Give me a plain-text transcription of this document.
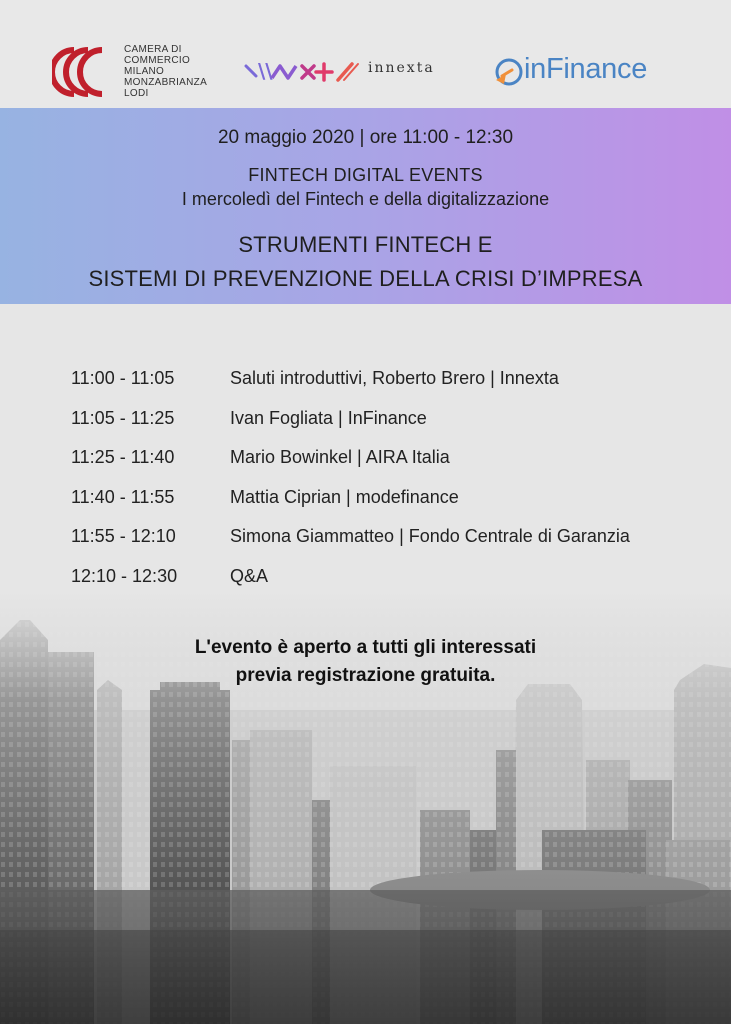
CAMERA DI
COMMERCIO
MILANO
MONZABRIANZA
LODI
\\	innexta	inFinance
20 maggio 2020 | ore 11:00 - 12:30
FINTECH DIGITAL EVENTS
I mercoledì del Fintech e della digitalizzazione
STRUMENTI FINTECH E
SISTEMI DI PREVENZIONE DELLA CRISI D’IMPRESA
11:00 - 11:05	Saluti introduttivi, Roberto Brero | Innexta
11:05 - 11:25	Ivan Fogliata | InFinance
11:25 - 11:40	Mario Bowinkel | AIRA Italia
11:40 - 11:55	Mattia Ciprian | modefinance
11:55 - 12:10	Simona Giammatteo | Fondo Centrale di Garanzia
12:10 - 12:30	Q&A
L'evento è aperto a tutti gli interessati
previa registrazione gratuita.
